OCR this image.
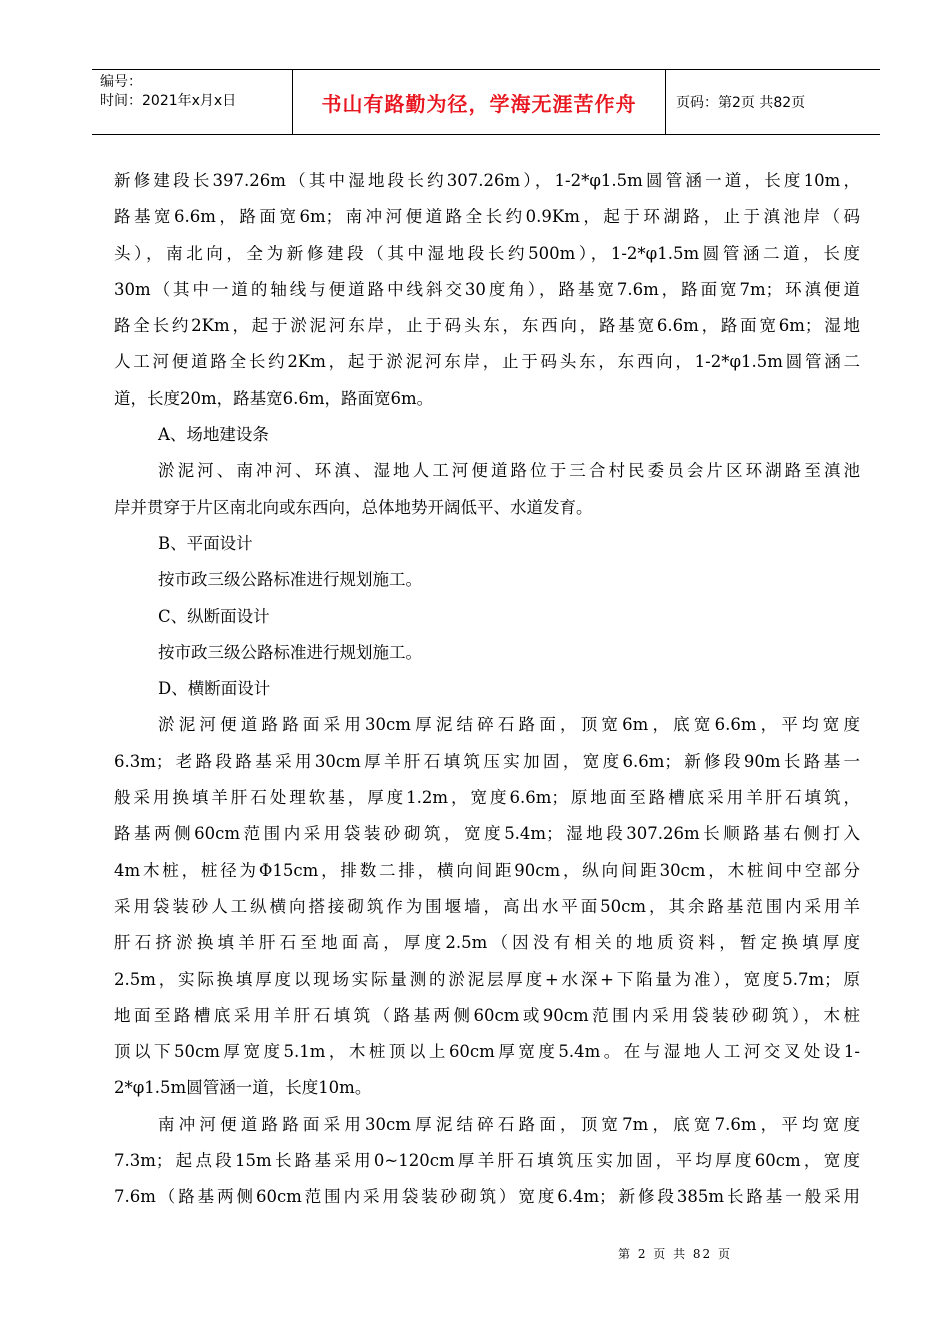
编号：
时间：2021年x月x日	书山有路勤为径，学海无涯苦作舟	页码：第2页 共82页
新修建段长397.26m（其中湿地段长约307.26m），1-2*φ1.5m圆管涵一道，长度10m，
路基宽6.6m，路面宽6m；南冲河便道路全长约0.9Km，起于环湖路，止于滇池岸（码
头），南北向，全为新修建段（其中湿地段长约500m），1-2*φ1.5m圆管涵二道，长度
30m（其中一道的轴线与便道路中线斜交30度角），路基宽7.6m，路面宽7m；环滇便道
路全长约2Km，起于淤泥河东岸，止于码头东，东西向，路基宽6.6m，路面宽6m；湿地
人工河便道路全长约2Km，起于淤泥河东岸，止于码头东，东西向，1-2*φ1.5m圆管涵二
道，长度20m，路基宽6.6m，路面宽6m。
A、场地建设条
淤泥河、南冲河、环滇、湿地人工河便道路位于三合村民委员会片区环湖路至滇池
岸并贯穿于片区南北向或东西向，总体地势开阔低平、水道发育。
B、平面设计
按市政三级公路标准进行规划施工。
C、纵断面设计
按市政三级公路标准进行规划施工。
D、横断面设计
淤泥河便道路路面采用30cm厚泥结碎石路面，顶宽6m，底宽6.6m，平均宽度
6.3m；老路段路基采用30cm厚羊肝石填筑压实加固，宽度6.6m；新修段90m长路基一
般采用换填羊肝石处理软基，厚度1.2m，宽度6.6m；原地面至路槽底采用羊肝石填筑，
路基两侧60cm范围内采用袋装砂砌筑，宽度5.4m；湿地段307.26m长顺路基右侧打入
4m木桩，桩径为Φ15cm，排数二排，横向间距90cm，纵向间距30cm，木桩间中空部分
采用袋装砂人工纵横向搭接砌筑作为围堰墙，高出水平面50cm，其余路基范围内采用羊
肝石挤淤换填羊肝石至地面高，厚度2.5m（因没有相关的地质资料，暂定换填厚度
2.5m，实际换填厚度以现场实际量测的淤泥层厚度+水深+下陷量为准），宽度5.7m；原
地面至路槽底采用羊肝石填筑（路基两侧60cm或90cm范围内采用袋装砂砌筑），木桩
顶以下50cm厚宽度5.1m，木桩顶以上60cm厚宽度5.4m。在与湿地人工河交叉处设1-
2*φ1.5m圆管涵一道，长度10m。
南冲河便道路路面采用30cm厚泥结碎石路面，顶宽7m，底宽7.6m，平均宽度
7.3m；起点段15m长路基采用0~120cm厚羊肝石填筑压实加固，平均厚度60cm，宽度
7.6m（路基两侧60cm范围内采用袋装砂砌筑）宽度6.4m；新修段385m长路基一般采用
第 2 页 共 82 页
